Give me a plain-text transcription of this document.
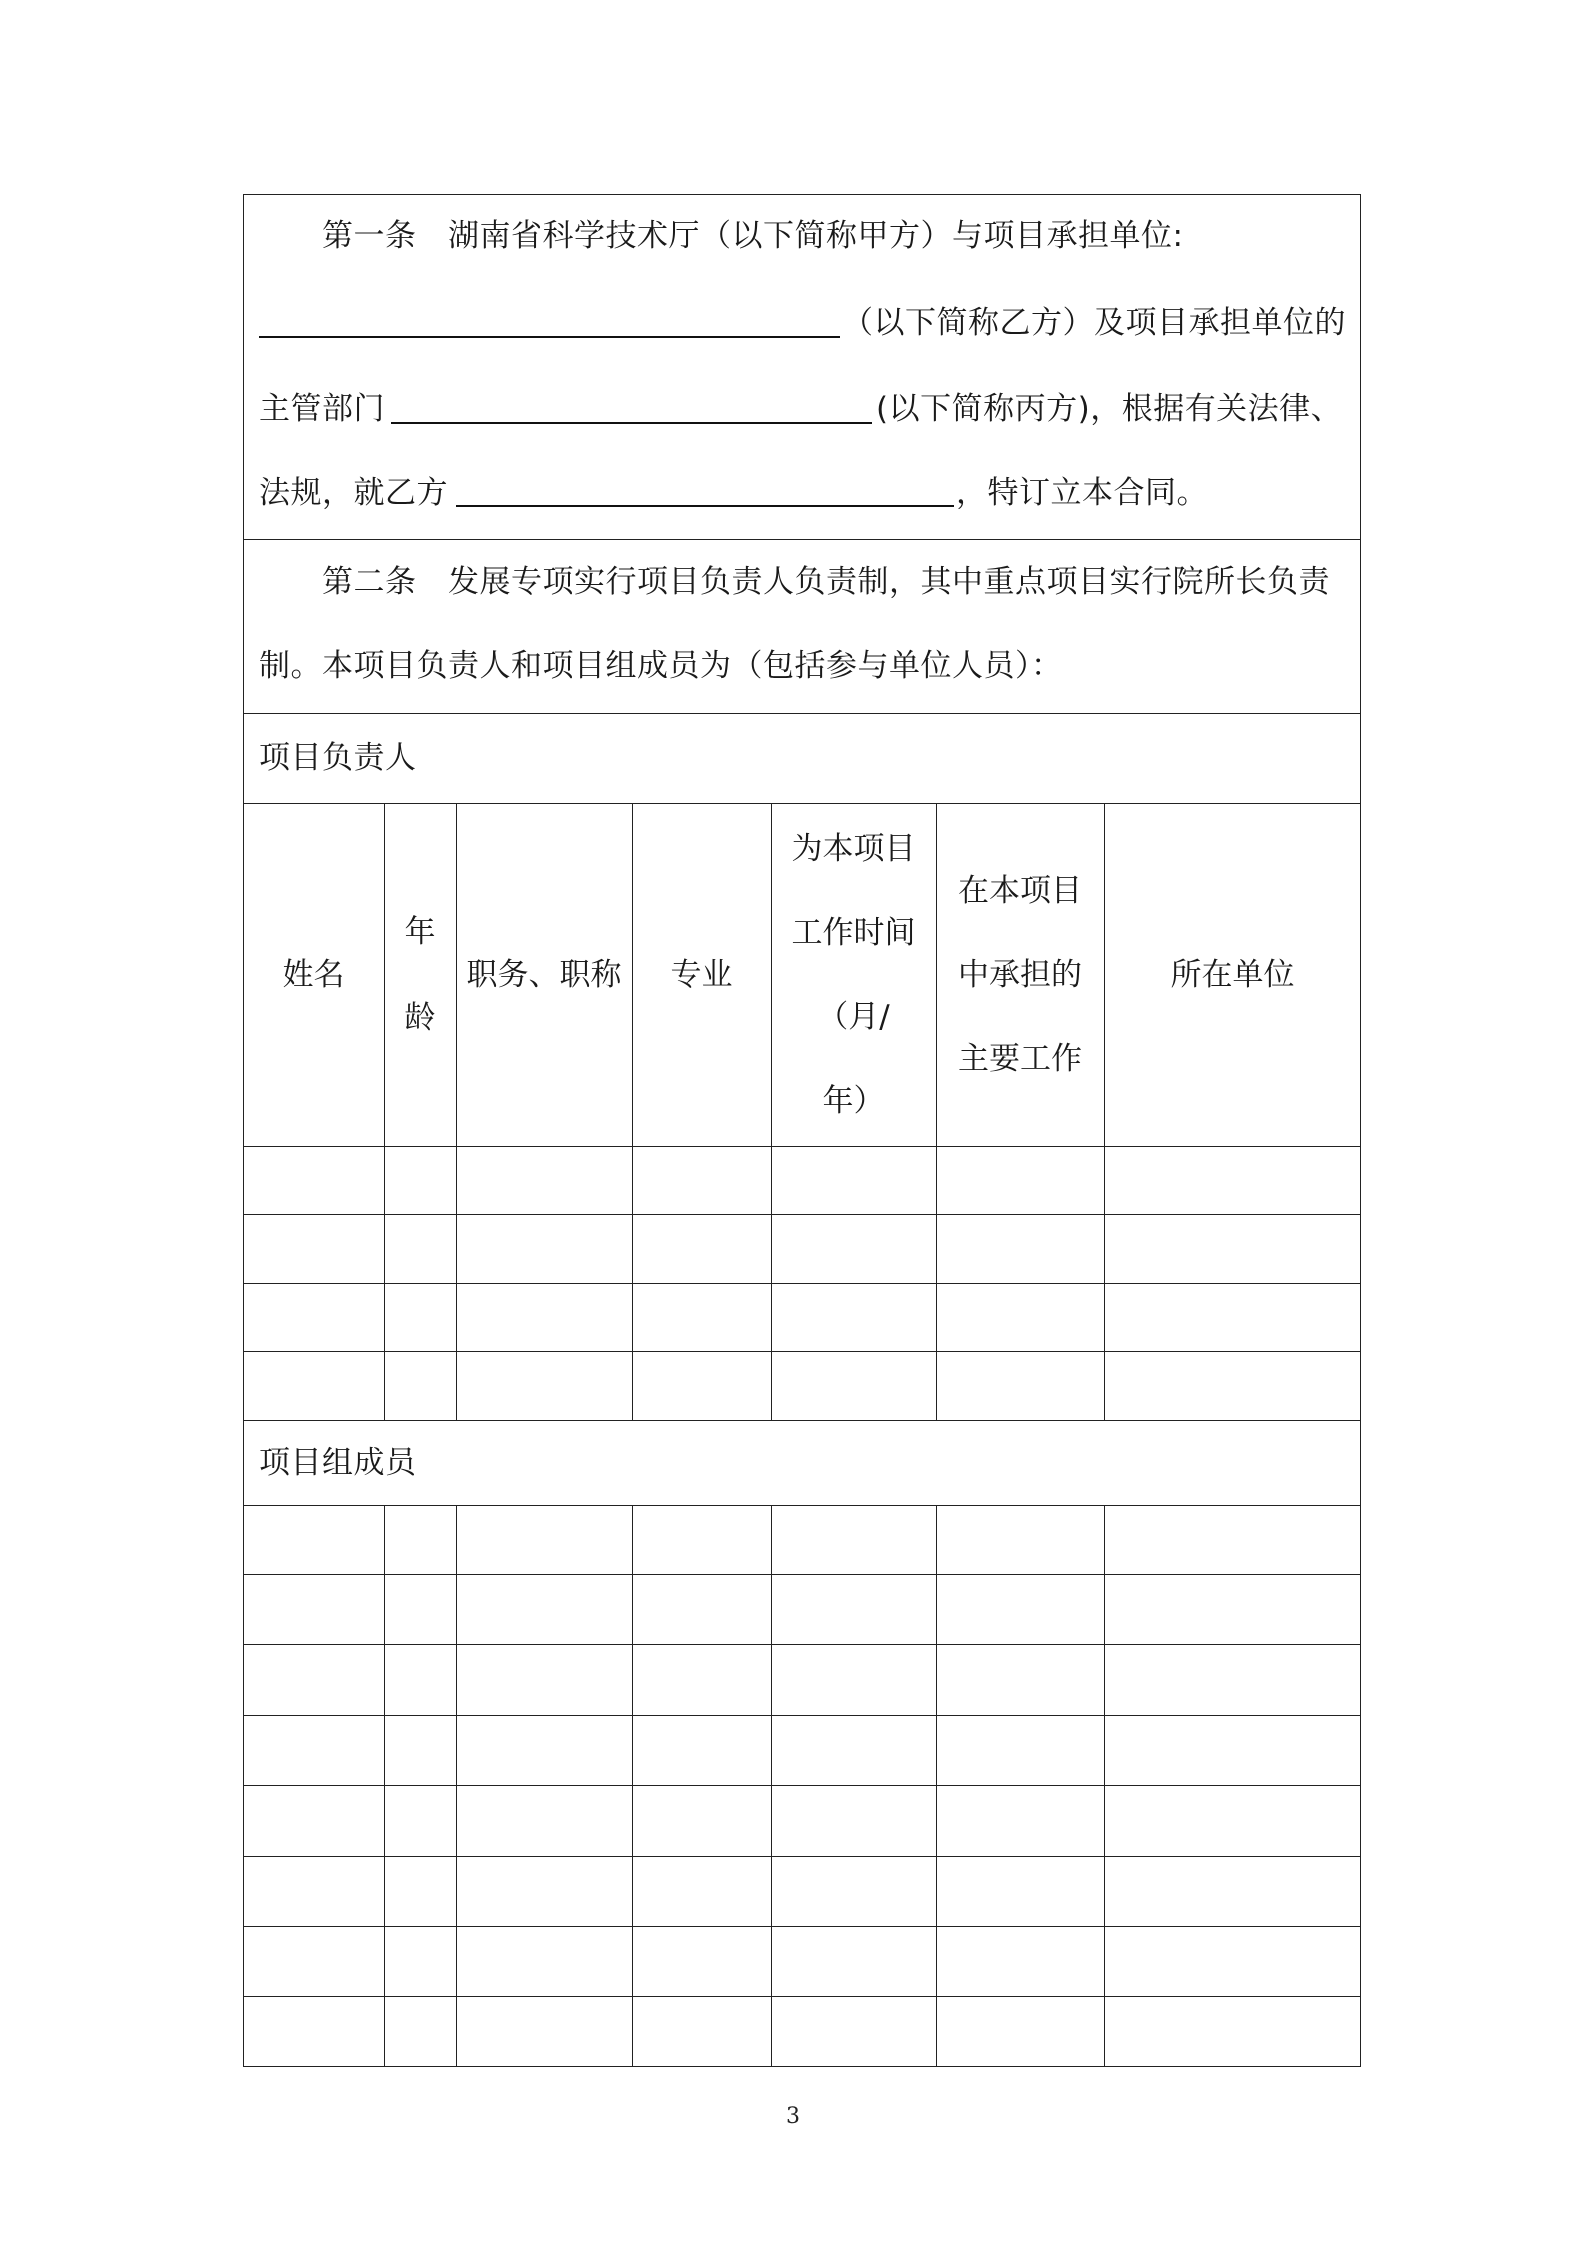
第一条　湖南省科学技术厅（以下简称甲方）与项目承担单位:
（以下简称乙方）及项目承担单位的
主管部门	(以下简称丙方)，根据有关法律、
法规，就乙方	，特订立本合同。
第二条　发展专项实行项目负责人负责制，其中重点项目实行院所长负责
制。本项目负责人和项目组成员为（包括参与单位人员）：
项目负责人
项目组成员
姓名
年
龄
职务、职称 专业
为本项目
工作时间
（月/
年）
在本项目
中承担的
主要工作
所在单位
3
